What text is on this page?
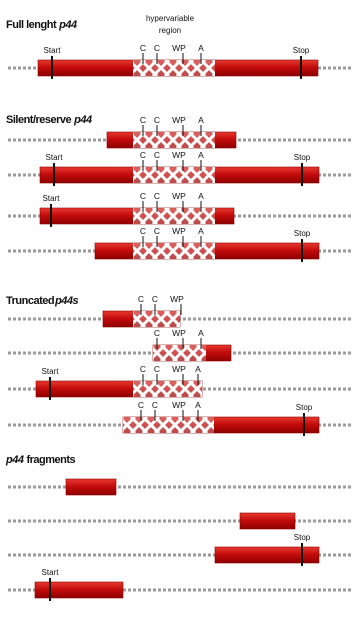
Full lenght p44
Silent/reserve p44
Truncatedp44s
p44 fragments
hypervariable
region
C C WP A
Start	Stop
C C WP A
C C WP A
Start	Stop
C C WP A
Start
C C WP A	Stop
C C WP
C WP A
C C WP A
Start
C C WP A	Stop
Stop
Start
